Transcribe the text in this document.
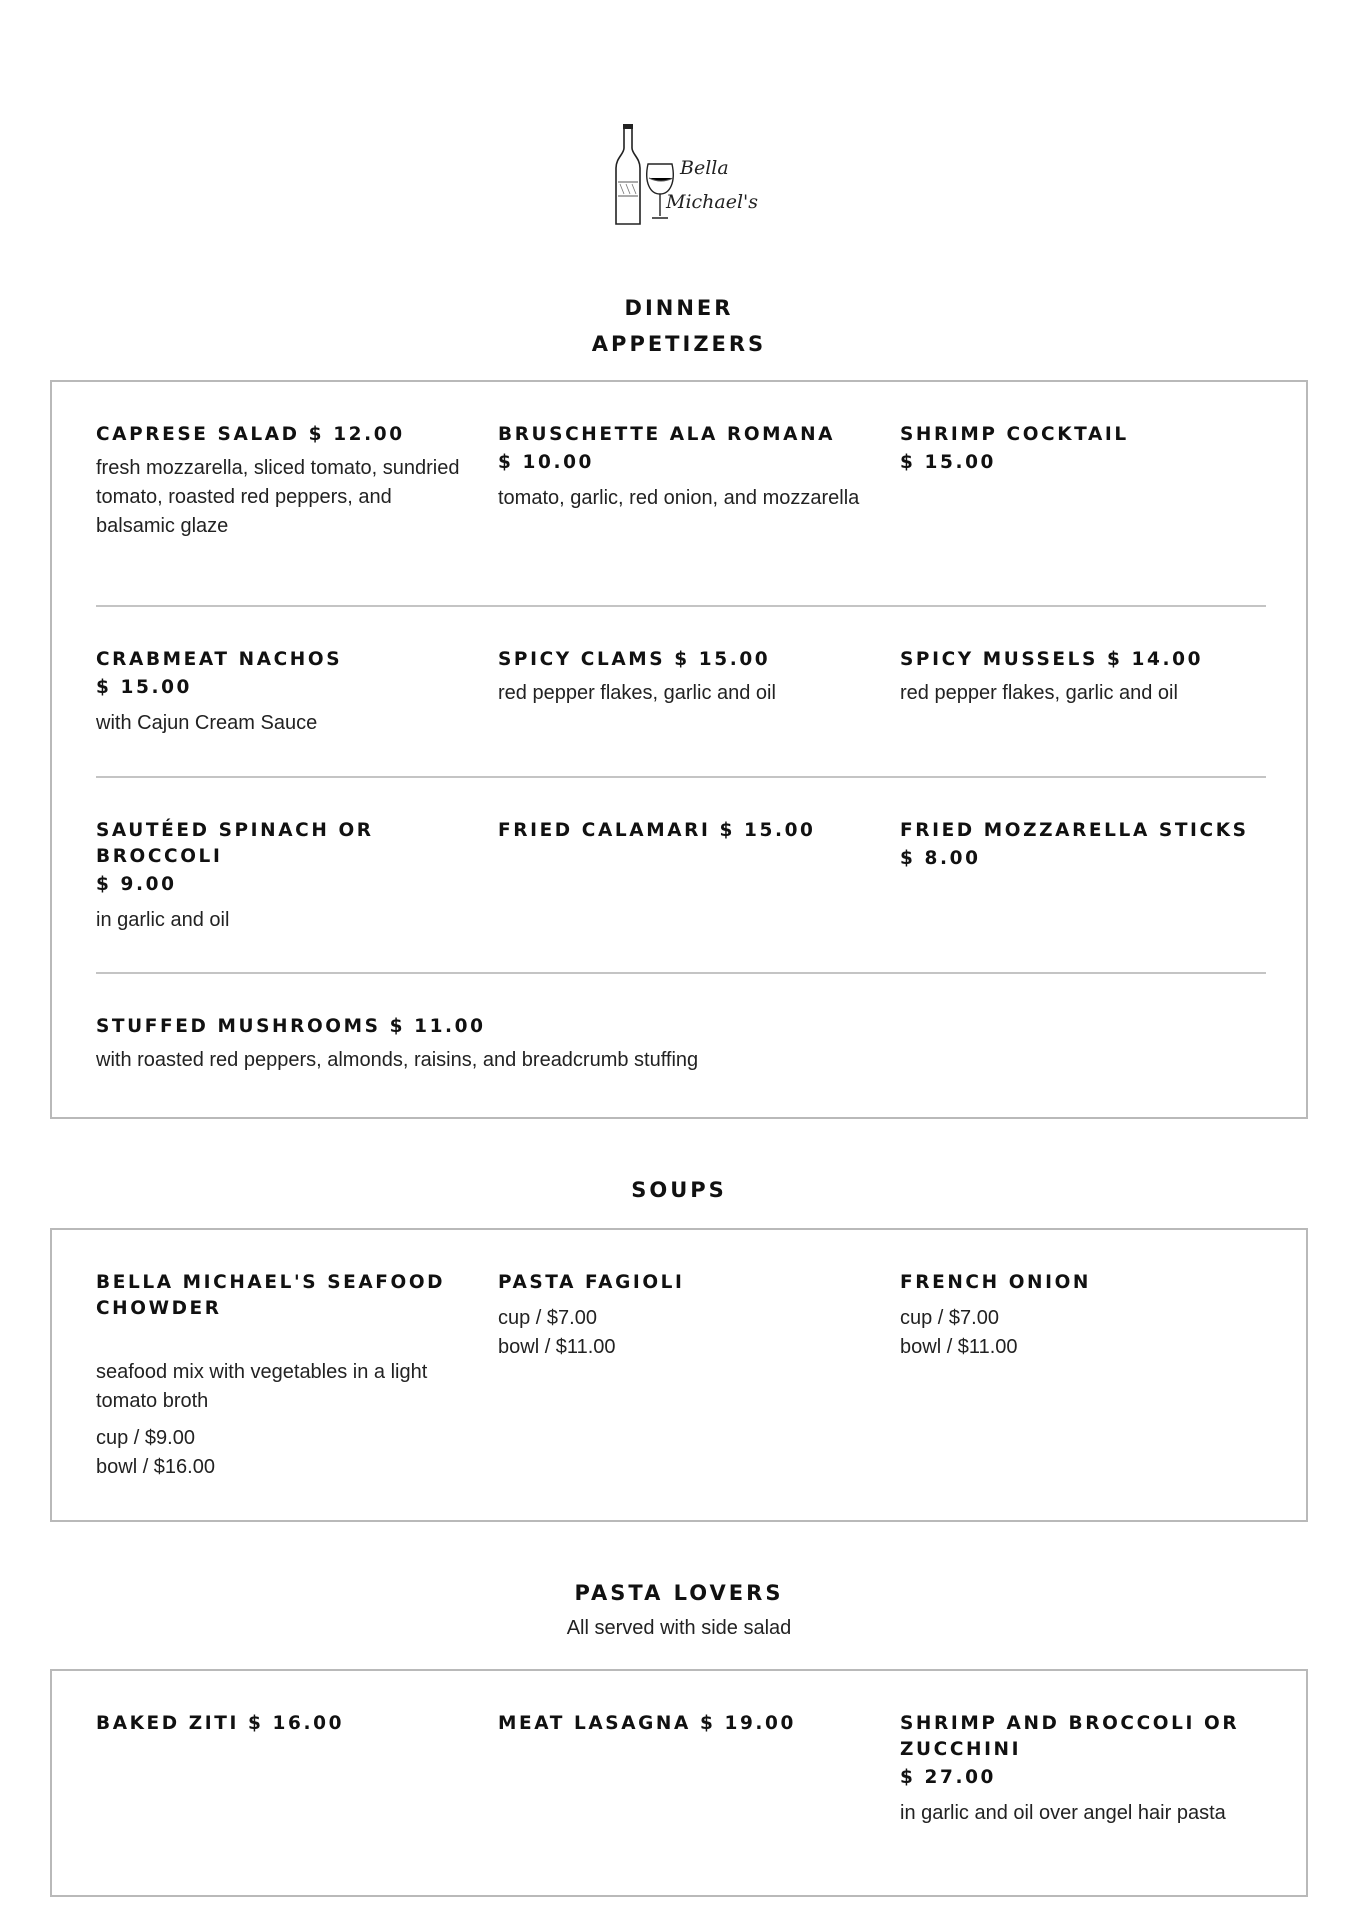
Bella
Michael's
DINNER
APPETIZERS
CAPRESE SALAD $ 12.00
fresh mozzarella, sliced tomato, sundried tomato, roasted red peppers, and balsamic glaze
BRUSCHETTE ALA ROMANA
$ 10.00
tomato, garlic, red onion, and mozzarella
SHRIMP COCKTAIL
$ 15.00
CRABMEAT NACHOS
$ 15.00
with Cajun Cream Sauce
SPICY CLAMS $ 15.00
red pepper flakes, garlic and oil
SPICY MUSSELS $ 14.00
red pepper flakes, garlic and oil
SAUTÉED SPINACH OR BROCCOLI
$ 9.00
in garlic and oil
FRIED CALAMARI $ 15.00	FRIED MOZZARELLA STICKS
$ 8.00
STUFFED MUSHROOMS $ 11.00
with roasted red peppers, almonds, raisins, and breadcrumb stuffing
SOUPS
BELLA MICHAEL'S SEAFOOD CHOWDER
seafood mix with vegetables in a light tomato broth
cup / $9.00
bowl / $16.00
PASTA FAGIOLI
cup / $7.00
bowl / $11.00
FRENCH ONION
cup / $7.00
bowl / $11.00
PASTA LOVERS
All served with side salad
BAKED ZITI $ 16.00	MEAT LASAGNA $ 19.00	SHRIMP AND BROCCOLI OR ZUCCHINI
$ 27.00
in garlic and oil over angel hair pasta
